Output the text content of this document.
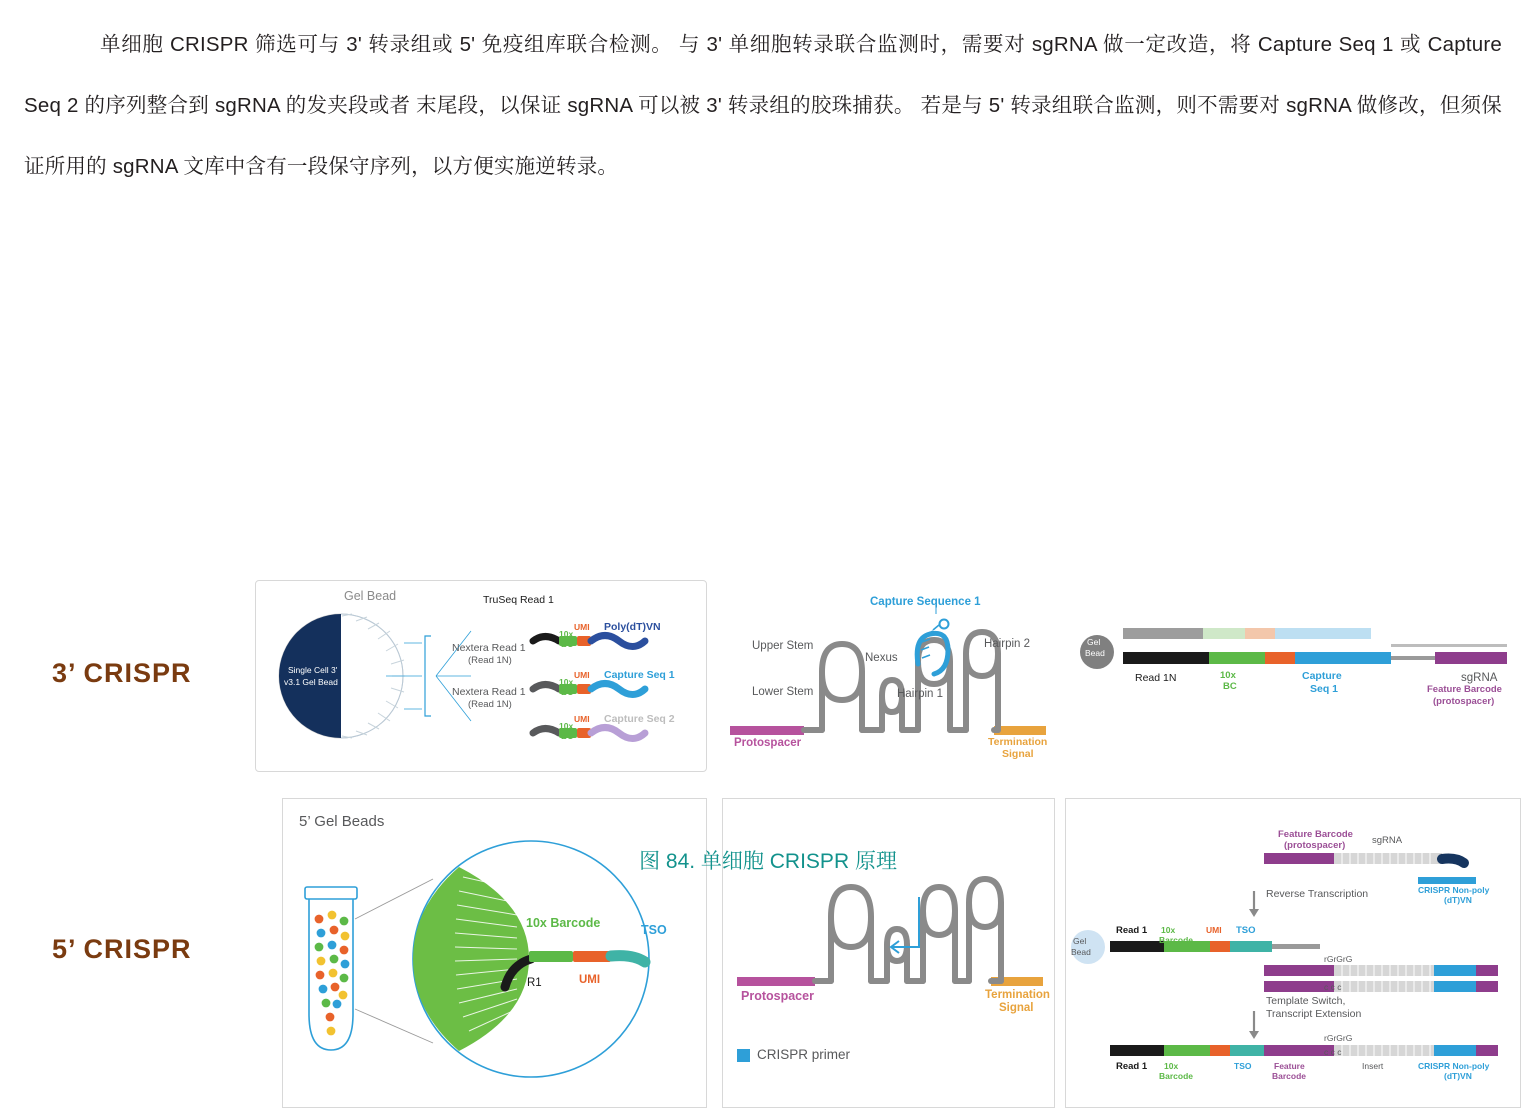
单细胞 CRISPR 筛选可与 3' 转录组或 5' 免疫组库联合检测。 与 3' 单细胞转录联合监测时，需要对 sgRNA 做一定改造，将 Capture Seq 1 或 Capture Seq 2 的序列整合到 sgRNA 的发夹段或者 末尾段，以保证 sgRNA 可以被 3' 转录组的胶珠捕获。 若是与 5' 转录组联合监测，则不需要对 sgRNA 做修改，但须保证所用的 sgRNA 文库中含有一段保守序列，以方便实施逆转录。
3’ CRISPR
5’ CRISPR
Gel Bead
Single Cell 3'
v3.1 Gel Bead
TruSeq Read 1
Nextera Read 1
(Read 1N)
Nextera Read 1
(Read 1N)
10x
BC
UMI Poly(dT)VN
10x
BC
UMI Capture Seq 1
10x
BC
UMI Capture Seq 2
Capture Sequence 1
Upper Stem
Lower Stem
Nexus
Hairpin 1
Hairpin 2
Protospacer	Termination
Signal
Gel
Bead
Read 1N	10x
BC
Capture
Seq 1
sgRNA
Feature Barcode
(protospacer)
5’ Gel Beads
10x Barcode
R1	UMI
TSO
Protospacer	Termination
Signal
CRISPR primer
Feature Barcode
(protospacer)	sgRNA
CRISPR Non-poly
(dT)VN
Reverse Transcription
Gel
Bead
Read 1 10x
Barcode
UMI TSO
rGrGrG
c c c
Template Switch,
Transcript Extension
rGrGrG
c c c
Read 1 10x
Barcode
TSO	Feature
Barcode
Insert	CRISPR Non-poly
(dT)VN
图 84. 单细胞 CRISPR 原理
